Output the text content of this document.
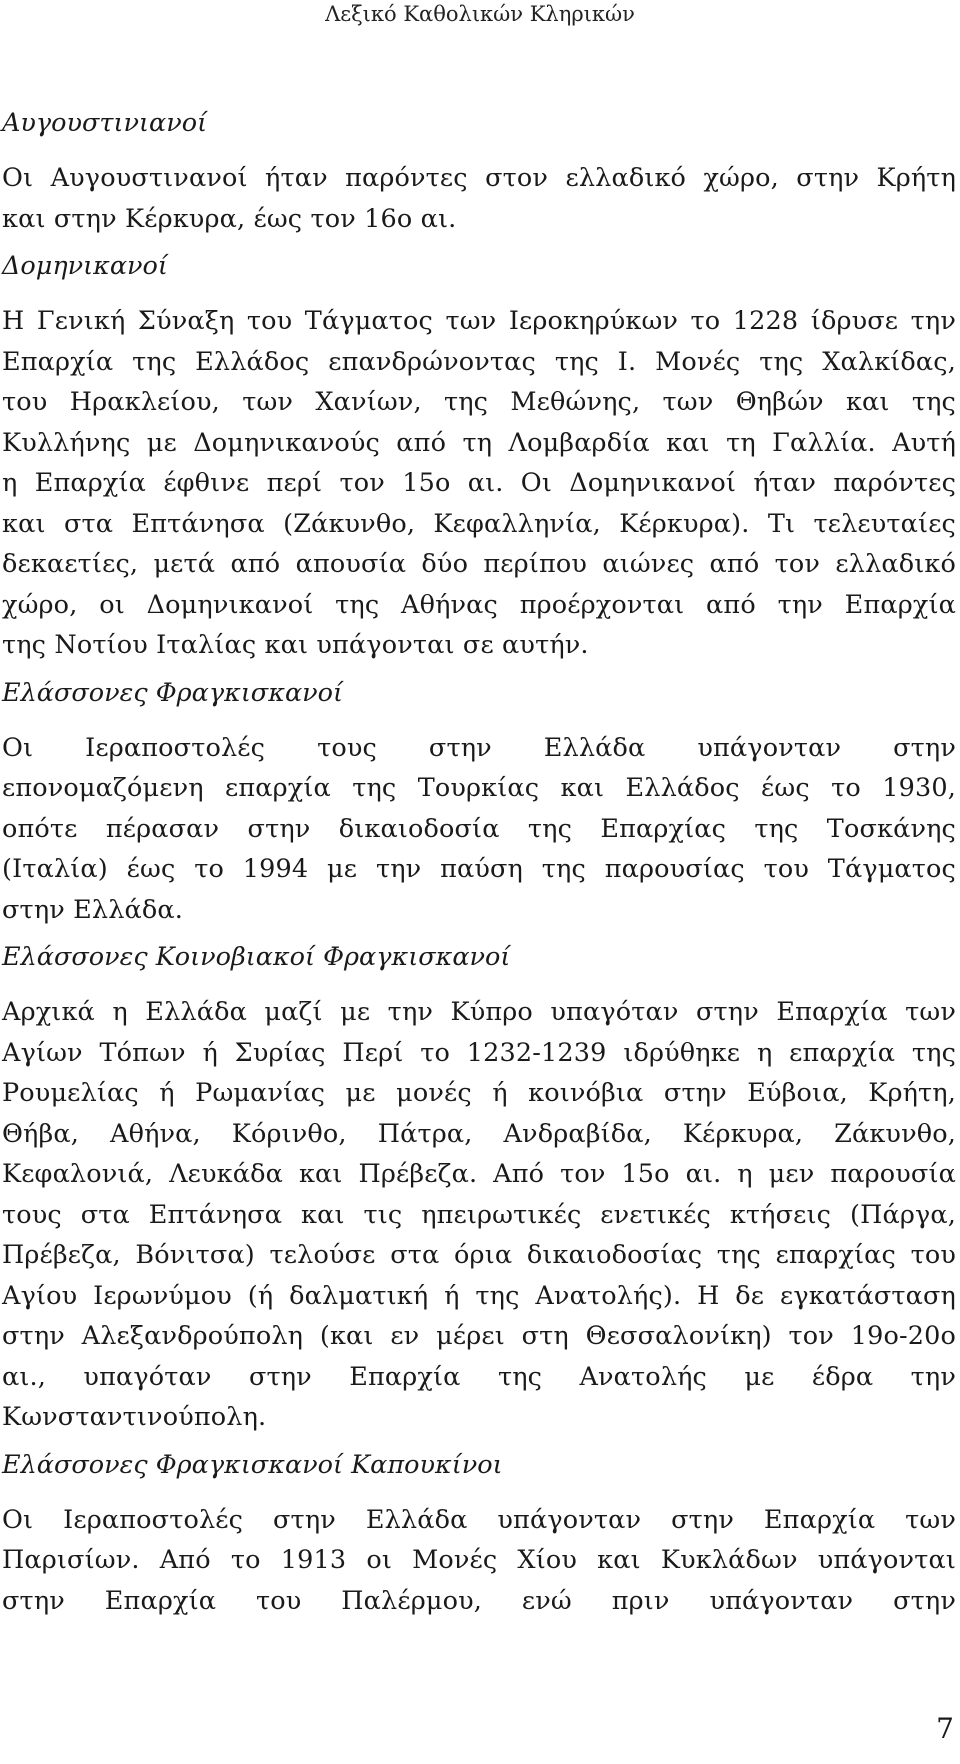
Λεξικό Καθολικών Κληρικών
Αυγουστινιανοί
Οι Αυγουστινανοί ήταν παρόντες στον ελλαδικό χώρο, στην Κρήτη
και στην Κέρκυρα, έως τον 16ο αι.
Δομηνικανοί
Η Γενική Σύναξη του Τάγματος των Ιεροκηρύκων το 1228 ίδρυσε την
Επαρχία της Ελλάδος επανδρώνοντας της Ι. Μονές της Χαλκίδας,
του Ηρακλείου, των Χανίων, της Μεθώνης, των Θηβών και της
Κυλλήνης με Δομηνικανούς από τη Λομβαρδία και τη Γαλλία. Αυτή
η Επαρχία έφθινε περί τον 15ο αι. Οι Δομηνικανοί ήταν παρόντες
και στα Επτάνησα (Ζάκυνθο, Κεφαλληνία, Κέρκυρα). Τι τελευταίες
δεκαετίες, μετά από απουσία δύο περίπου αιώνες από τον ελλαδικό
χώρο, οι Δομηνικανοί της Αθήνας προέρχονται από την Επαρχία
της Νοτίου Ιταλίας και υπάγονται σε αυτήν.
Ελάσσονες Φραγκισκανοί
Οι Ιεραποστολές τους στην Ελλάδα υπάγονταν στην
επονομαζόμενη επαρχία της Τουρκίας και Ελλάδος έως το 1930,
οπότε πέρασαν στην δικαιοδοσία της Επαρχίας της Τοσκάνης
(Ιταλία) έως το 1994 με την παύση της παρουσίας του Τάγματος
στην Ελλάδα.
Ελάσσονες Κοινοβιακοί Φραγκισκανοί
Αρχικά η Ελλάδα μαζί με την Κύπρο υπαγόταν στην Επαρχία των
Αγίων Τόπων ή Συρίας Περί το 1232-1239 ιδρύθηκε η επαρχία της
Ρουμελίας ή Ρωμανίας με μονές ή κοινόβια στην Εύβοια, Κρήτη,
Θήβα, Αθήνα, Κόρινθο, Πάτρα, Ανδραβίδα, Κέρκυρα, Ζάκυνθο,
Κεφαλονιά, Λευκάδα και Πρέβεζα. Από τον 15ο αι. η μεν παρουσία
τους στα Επτάνησα και τις ηπειρωτικές ενετικές κτήσεις (Πάργα,
Πρέβεζα, Βόνιτσα) τελούσε στα όρια δικαιοδοσίας της επαρχίας του
Αγίου Ιερωνύμου (ή δαλματική ή της Ανατολής). Η δε εγκατάσταση
στην Αλεξανδρούπολη (και εν μέρει στη Θεσσαλονίκη) τον 19ο-20ο
αι., υπαγόταν στην Επαρχία της Ανατολής με έδρα την
Κωνσταντινούπολη.
Ελάσσονες Φραγκισκανοί Καπουκίνοι
Οι Ιεραποστολές στην Ελλάδα υπάγονταν στην Επαρχία των
Παρισίων. Από το 1913 οι Μονές Χίου και Κυκλάδων υπάγονται
στην Επαρχία του Παλέρμου, ενώ πριν υπάγονταν στην
7
